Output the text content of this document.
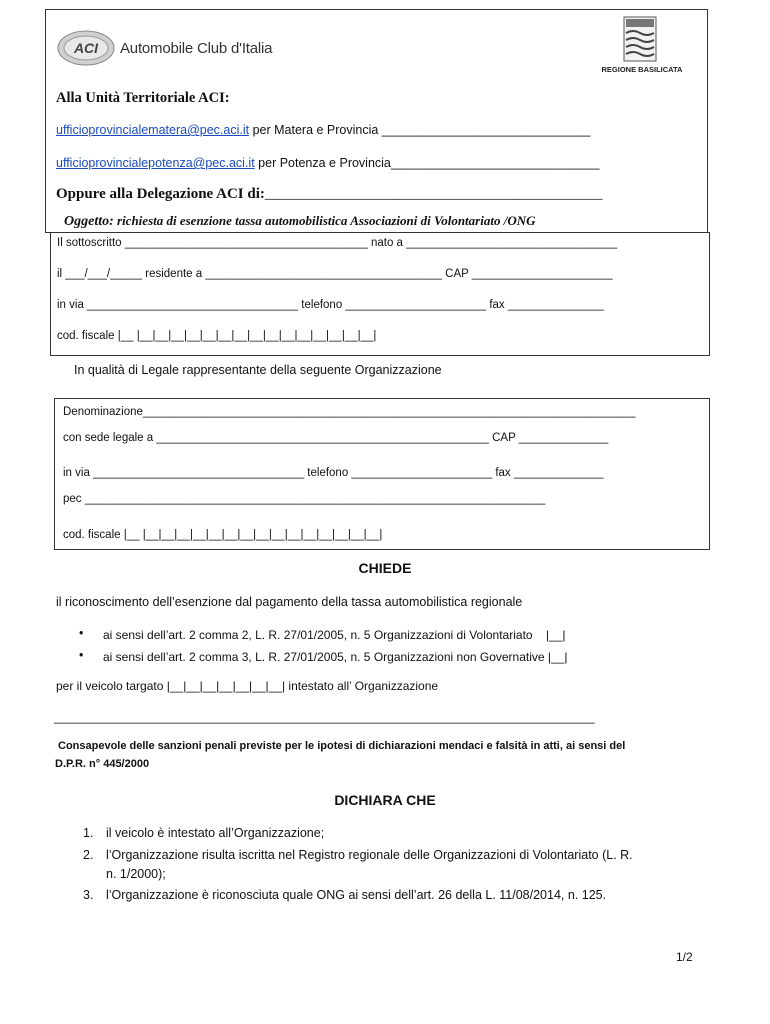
ACI Automobile Club d'Italia
REGIONE BASILICATA
Alla Unità Territoriale ACI:
ufficioprovincialematera@pec.aci.it per Matera e Provincia ______________________________
ufficioprovincialepotenza@pec.aci.it per Potenza e Provincia______________________________
Oppure alla Delegazione ACI di:_____________________________________________
Oggetto: richiesta di esenzione tassa automobilistica Associazioni di Volontariato /ONG
Il sottoscritto ______________________________________ nato a _________________________________
il ___/___/_____ residente a _____________________________________ CAP ______________________
in via _________________________________ telefono ______________________ fax _______________
cod. fiscale |__ |__|__|__|__|__|__|__|__|__|__|__|__|__|__|__|
In qualità di Legale rappresentante della seguente Organizzazione
Denominazione_____________________________________________________________________________
con sede legale a ____________________________________________________ CAP ______________
in via _________________________________ telefono ______________________ fax ______________
pec ________________________________________________________________________
cod. fiscale |__ |__|__|__|__|__|__|__|__|__|__|__|__|__|__|__|
CHIEDE
il riconoscimento dell’esenzione dal pagamento della tassa automobilistica regionale
• ai sensi dell’art. 2 comma 2, L. R. 27/01/2005, n. 5 Organizzazioni di Volontariato    |__|
• ai sensi dell’art. 2 comma 3, L. R. 27/01/2005, n. 5 Organizzazioni non Governative |__|
per il veicolo targato |__|__|__|__|__|__|__| intestato all’ Organizzazione
_________________________________________________________________________________
Consapevole delle sanzioni penali previste per le ipotesi di dichiarazioni mendaci e falsità in atti, ai sensi del
D.P.R. n° 445/2000
DICHIARA CHE
1. il veicolo è intestato all’Organizzazione;
2. l’Organizzazione risulta iscritta nel Registro regionale delle Organizzazioni di Volontariato (L. R.
n. 1/2000);
3. l’Organizzazione è riconosciuta quale ONG ai sensi dell’art. 26 della L. 11/08/2014, n. 125.
1/2
